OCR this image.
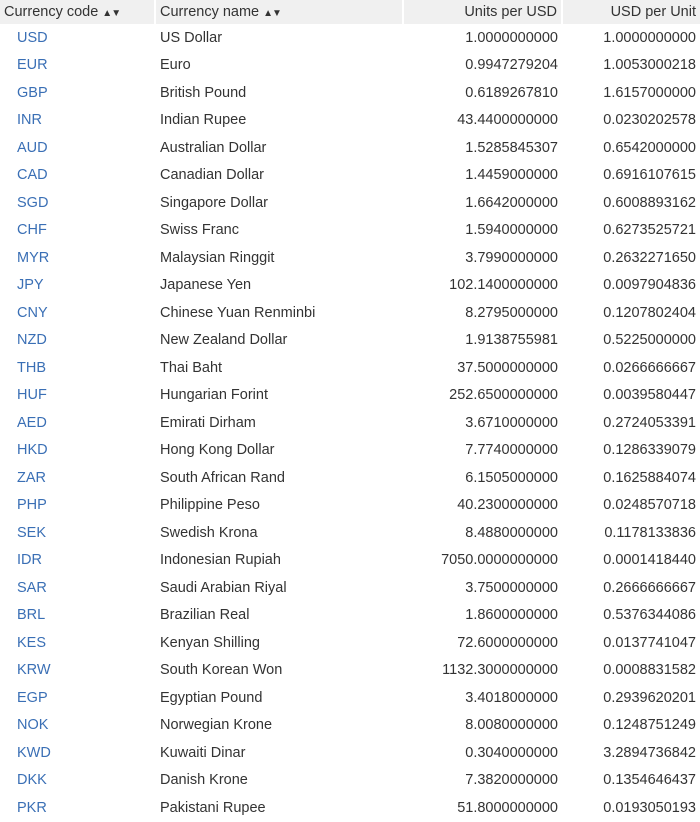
Currency code ▲▼	Currency name ▲▼	Units per USD	USD per Unit
USD	US Dollar	1.0000000000	1.0000000000
EUR	Euro	0.9947279204	1.0053000218
GBP	British Pound	0.6189267810	1.6157000000
INR	Indian Rupee	43.4400000000	0.0230202578
AUD	Australian Dollar	1.5285845307	0.6542000000
CAD	Canadian Dollar	1.4459000000	0.6916107615
SGD	Singapore Dollar	1.6642000000	0.6008893162
CHF	Swiss Franc	1.5940000000	0.6273525721
MYR	Malaysian Ringgit	3.7990000000	0.2632271650
JPY	Japanese Yen	102.1400000000	0.0097904836
CNY	Chinese Yuan Renminbi	8.2795000000	0.1207802404
NZD	New Zealand Dollar	1.9138755981	0.5225000000
THB	Thai Baht	37.5000000000	0.0266666667
HUF	Hungarian Forint	252.6500000000	0.0039580447
AED	Emirati Dirham	3.6710000000	0.2724053391
HKD	Hong Kong Dollar	7.7740000000	0.1286339079
ZAR	South African Rand	6.1505000000	0.1625884074
PHP	Philippine Peso	40.2300000000	0.0248570718
SEK	Swedish Krona	8.4880000000	0.1178133836
IDR	Indonesian Rupiah	7050.0000000000	0.0001418440
SAR	Saudi Arabian Riyal	3.7500000000	0.2666666667
BRL	Brazilian Real	1.8600000000	0.5376344086
KES	Kenyan Shilling	72.6000000000	0.0137741047
KRW	South Korean Won	1132.3000000000	0.0008831582
EGP	Egyptian Pound	3.4018000000	0.2939620201
NOK	Norwegian Krone	8.0080000000	0.1248751249
KWD	Kuwaiti Dinar	0.3040000000	3.2894736842
DKK	Danish Krone	7.3820000000	0.1354646437
PKR	Pakistani Rupee	51.8000000000	0.0193050193
